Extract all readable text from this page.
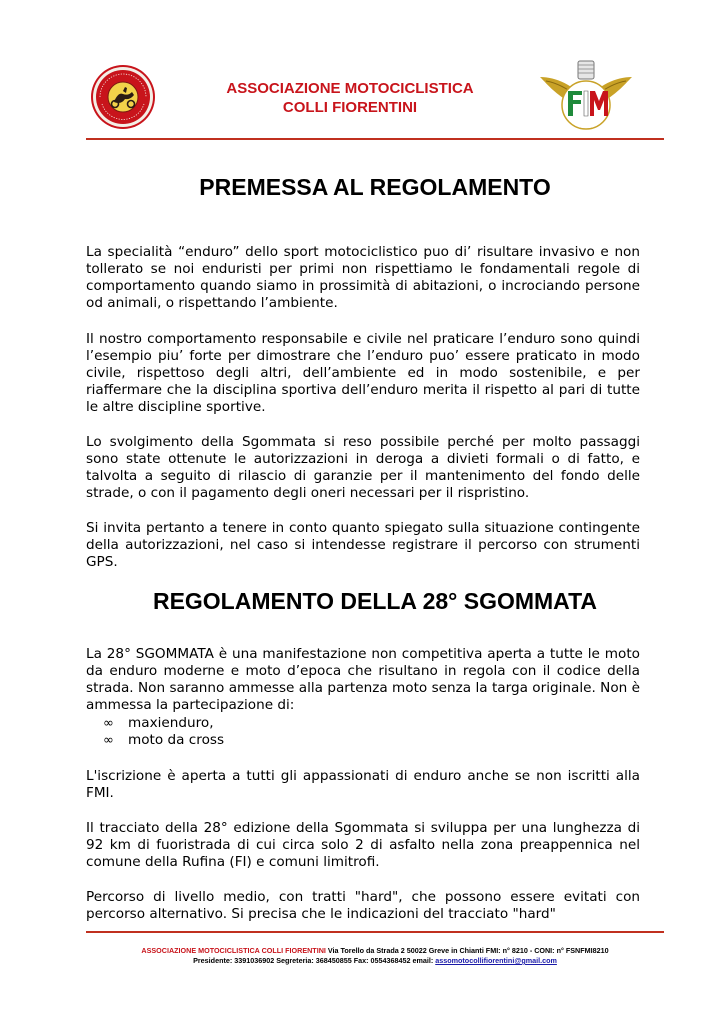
ASSOCIAZIONE MOTOCICLISTICA
COLLI FIORENTINI
PREMESSA AL REGOLAMENTO

La specialità “enduro” dello sport motociclistico puo di’ risultare invasivo e non tollerato se noi enduristi per primi non rispettiamo le fondamentali regole di comportamento quando siamo in prossimità di abitazioni, o incrociando persone od animali, o rispettando l’ambiente.

Il nostro comportamento responsabile e civile nel praticare l’enduro sono quindi l’esempio piu’ forte per dimostrare che l’enduro puo’ essere praticato in modo civile, rispettoso degli altri, dell’ambiente ed in modo sostenibile, e per riaffermare che la disciplina sportiva dell’enduro merita il rispetto al pari di tutte le altre discipline sportive.

Lo svolgimento della Sgommata si reso possibile perché per molto passaggi sono state ottenute le autorizzazioni in deroga a divieti formali o di fatto, e talvolta a seguito di rilascio di garanzie per il mantenimento del fondo delle strade, o con il pagamento degli oneri necessari per il rispristino.

Si invita pertanto a tenere in conto quanto spiegato sulla situazione contingente della autorizzazioni, nel caso si intendesse registrare il percorso con strumenti GPS.

REGOLAMENTO DELLA 28° SGOMMATA

La 28° SGOMMATA è una manifestazione non competitiva aperta a tutte le moto da enduro moderne e moto d’epoca che risultano in regola con il codice della strada. Non saranno ammesse alla partenza moto senza la targa originale. Non è ammessa la partecipazione di:

∞	maxienduro,
∞	moto da cross

L'iscrizione è aperta a tutti gli appassionati di enduro anche se non iscritti alla FMI.

Il tracciato della 28° edizione della Sgommata si sviluppa per una lunghezza di 92 km di fuoristrada di cui circa solo 2 di asfalto nella zona preappennica nel comune della Rufina (FI) e comuni limitrofi.

Percorso di livello medio, con tratti "hard", che possono essere evitati con percorso alternativo. Si precisa che le indicazioni del tracciato "hard"

ASSOCIAZIONE MOTOCICLISTICA COLLI FIORENTINI Via Torello da Strada 2 50022 Greve in Chianti FMI: n° 8210 - CONI: n° FSNFMI8210
Presidente: 3391036902 Segreteria: 368450855 Fax: 0554368452 email: assomotocollifiorentini@gmail.com
